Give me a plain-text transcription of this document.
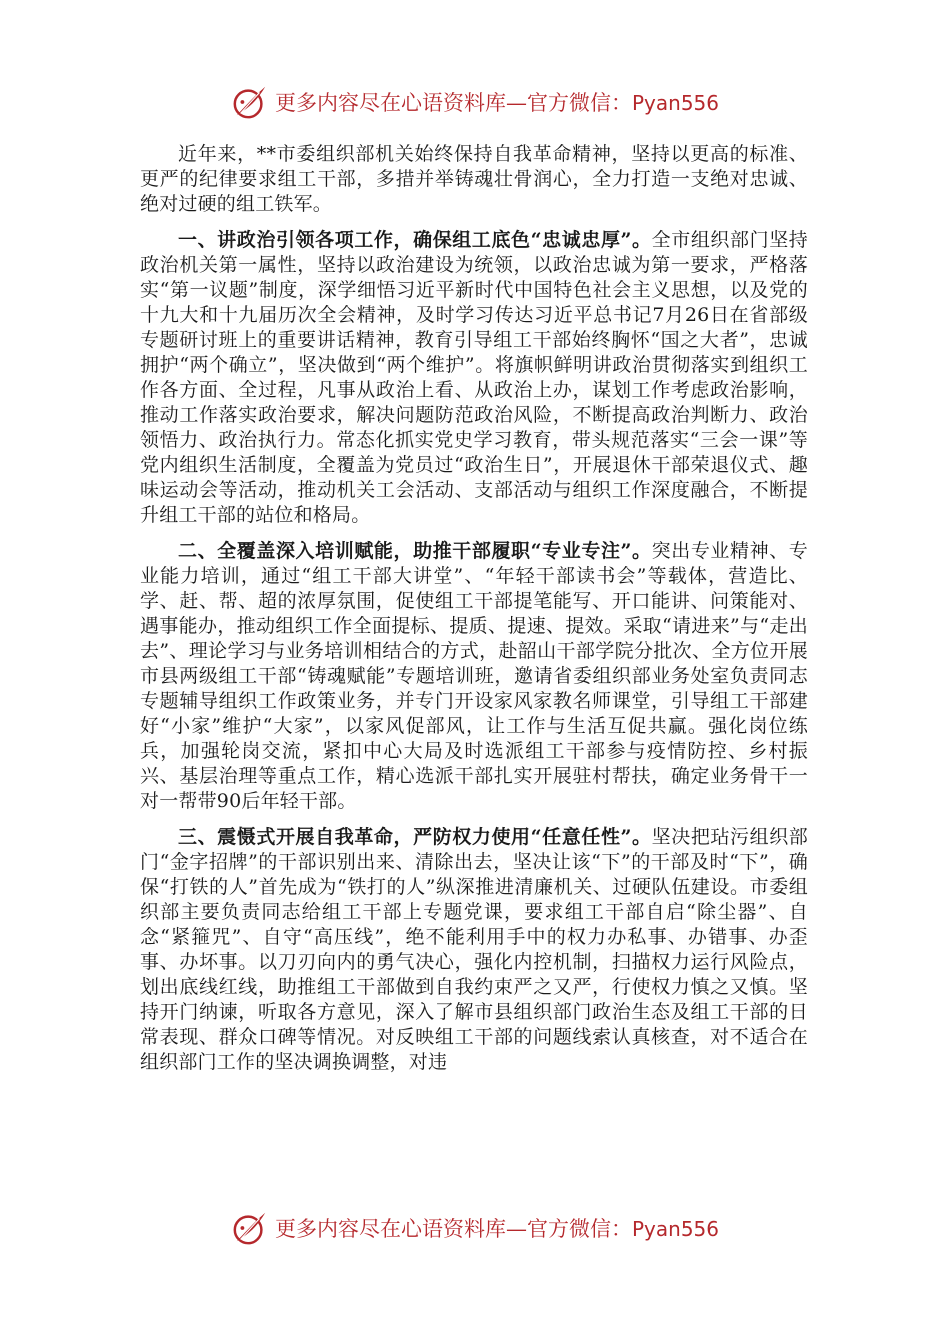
更多内容尽在心语资料库—官方微信：Pyan556

近年来，**市委组织部机关始终保持自我革命精神，坚持以更高的标准、更严的纪律要求组工干部，多措并举铸魂壮骨润心，全力打造一支绝对忠诚、绝对过硬的组工铁军。

一、讲政治引领各项工作，确保组工底色“忠诚忠厚”。全市组织部门坚持政治机关第一属性，坚持以政治建设为统领，以政治忠诚为第一要求，严格落实“第一议题”制度，深学细悟习近平新时代中国特色社会主义思想，以及党的十九大和十九届历次全会精神，及时学习传达习近平总书记7月26日在省部级专题研讨班上的重要讲话精神，教育引导组工干部始终胸怀“国之大者”，忠诚拥护“两个确立”，坚决做到“两个维护”。将旗帜鲜明讲政治贯彻落实到组织工作各方面、全过程，凡事从政治上看、从政治上办，谋划工作考虑政治影响，推动工作落实政治要求，解决问题防范政治风险，不断提高政治判断力、政治领悟力、政治执行力。常态化抓实党史学习教育，带头规范落实“三会一课”等党内组织生活制度，全覆盖为党员过“政治生日”，开展退休干部荣退仪式、趣味运动会等活动，推动机关工会活动、支部活动与组织工作深度融合，不断提升组工干部的站位和格局。

二、全覆盖深入培训赋能，助推干部履职“专业专注”。突出专业精神、专业能力培训，通过“组工干部大讲堂”、“年轻干部读书会”等载体，营造比、学、赶、帮、超的浓厚氛围，促使组工干部提笔能写、开口能讲、问策能对、遇事能办，推动组织工作全面提标、提质、提速、提效。采取“请进来”与“走出去”、理论学习与业务培训相结合的方式，赴韶山干部学院分批次、全方位开展市县两级组工干部“铸魂赋能”专题培训班，邀请省委组织部业务处室负责同志专题辅导组织工作政策业务，并专门开设家风家教名师课堂，引导组工干部建好“小家”维护“大家”，以家风促部风，让工作与生活互促共赢。强化岗位练兵，加强轮岗交流，紧扣中心大局及时选派组工干部参与疫情防控、乡村振兴、基层治理等重点工作，精心选派干部扎实开展驻村帮扶，确定业务骨干一对一帮带90后年轻干部。

三、震慑式开展自我革命，严防权力使用“任意任性”。坚决把玷污组织部门“金字招牌”的干部识别出来、清除出去，坚决让该“下”的干部及时“下”，确保“打铁的人”首先成为“铁打的人”纵深推进清廉机关、过硬队伍建设。市委组织部主要负责同志给组工干部上专题党课，要求组工干部自启“除尘器”、自念“紧箍咒”、自守“高压线”，绝不能利用手中的权力办私事、办错事、办歪事、办坏事。以刀刃向内的勇气决心，强化内控机制，扫描权力运行风险点，划出底线红线，助推组工干部做到自我约束严之又严，行使权力慎之又慎。坚持开门纳谏，听取各方意见，深入了解市县组织部门政治生态及组工干部的日常表现、群众口碑等情况。对反映组工干部的问题线索认真核查，对不适合在组织部门工作的坚决调换调整，对违

更多内容尽在心语资料库—官方微信：Pyan556
